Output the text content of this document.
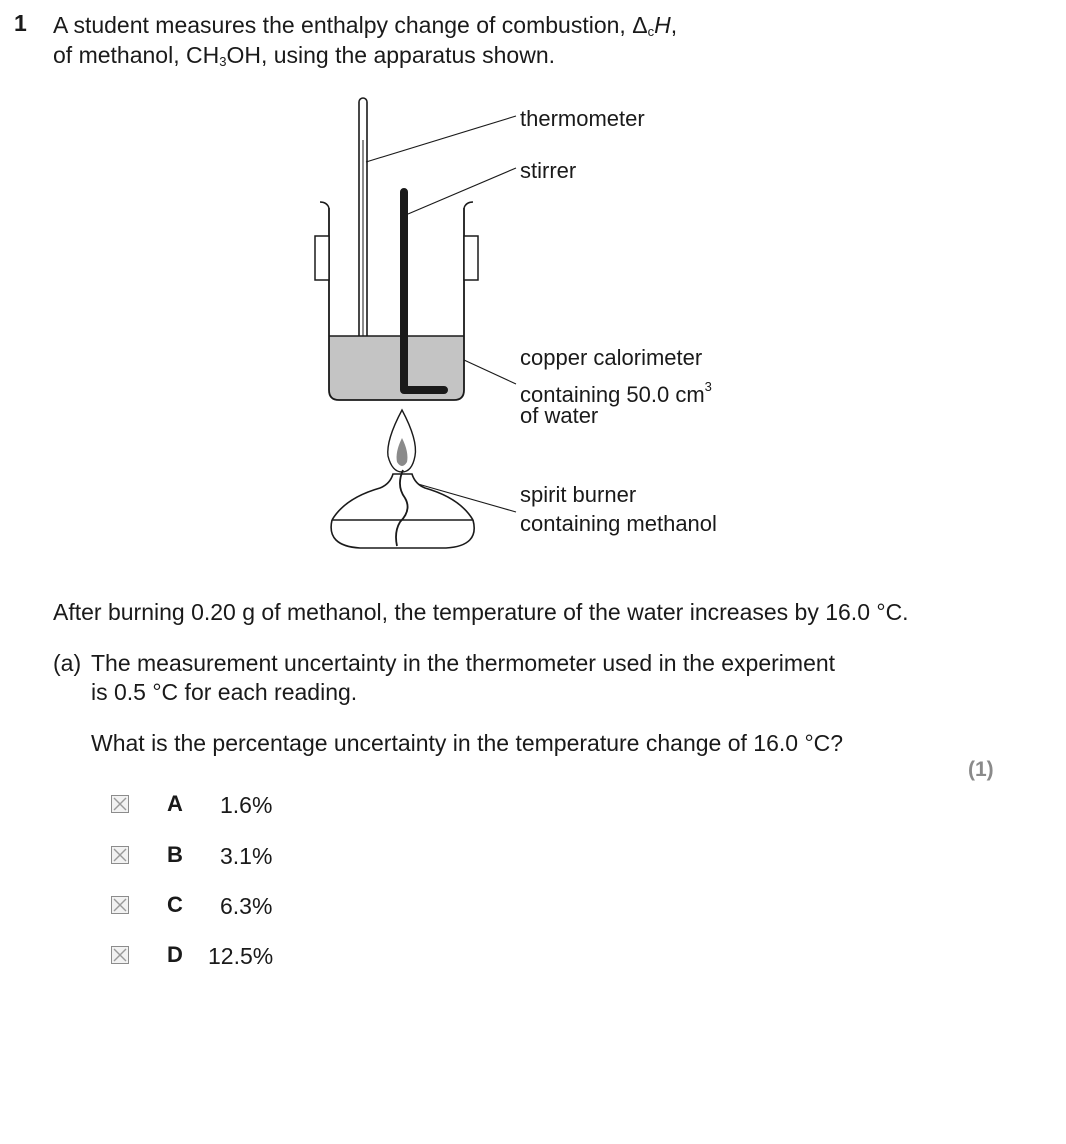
1 A student measures the enthalpy change of combustion, $\Delta_cH$,
of methanol, $CH_3OH$, using the apparatus shown.
thermometer
stirrer
copper calorimeter
containing 50.0 $cm^3$
of water
spirit burner
containing methanol
After burning 0.20 g of methanol, the temperature of the water increases by 16.0 °C.
(a) The measurement uncertainty in the thermometer used in the experiment
is 0.5 °C for each reading.
What is the percentage uncertainty in the temperature change of 16.0 °C?
(1)
A 1.6%
B 3.1%
C 6.3%
D 12.5%
